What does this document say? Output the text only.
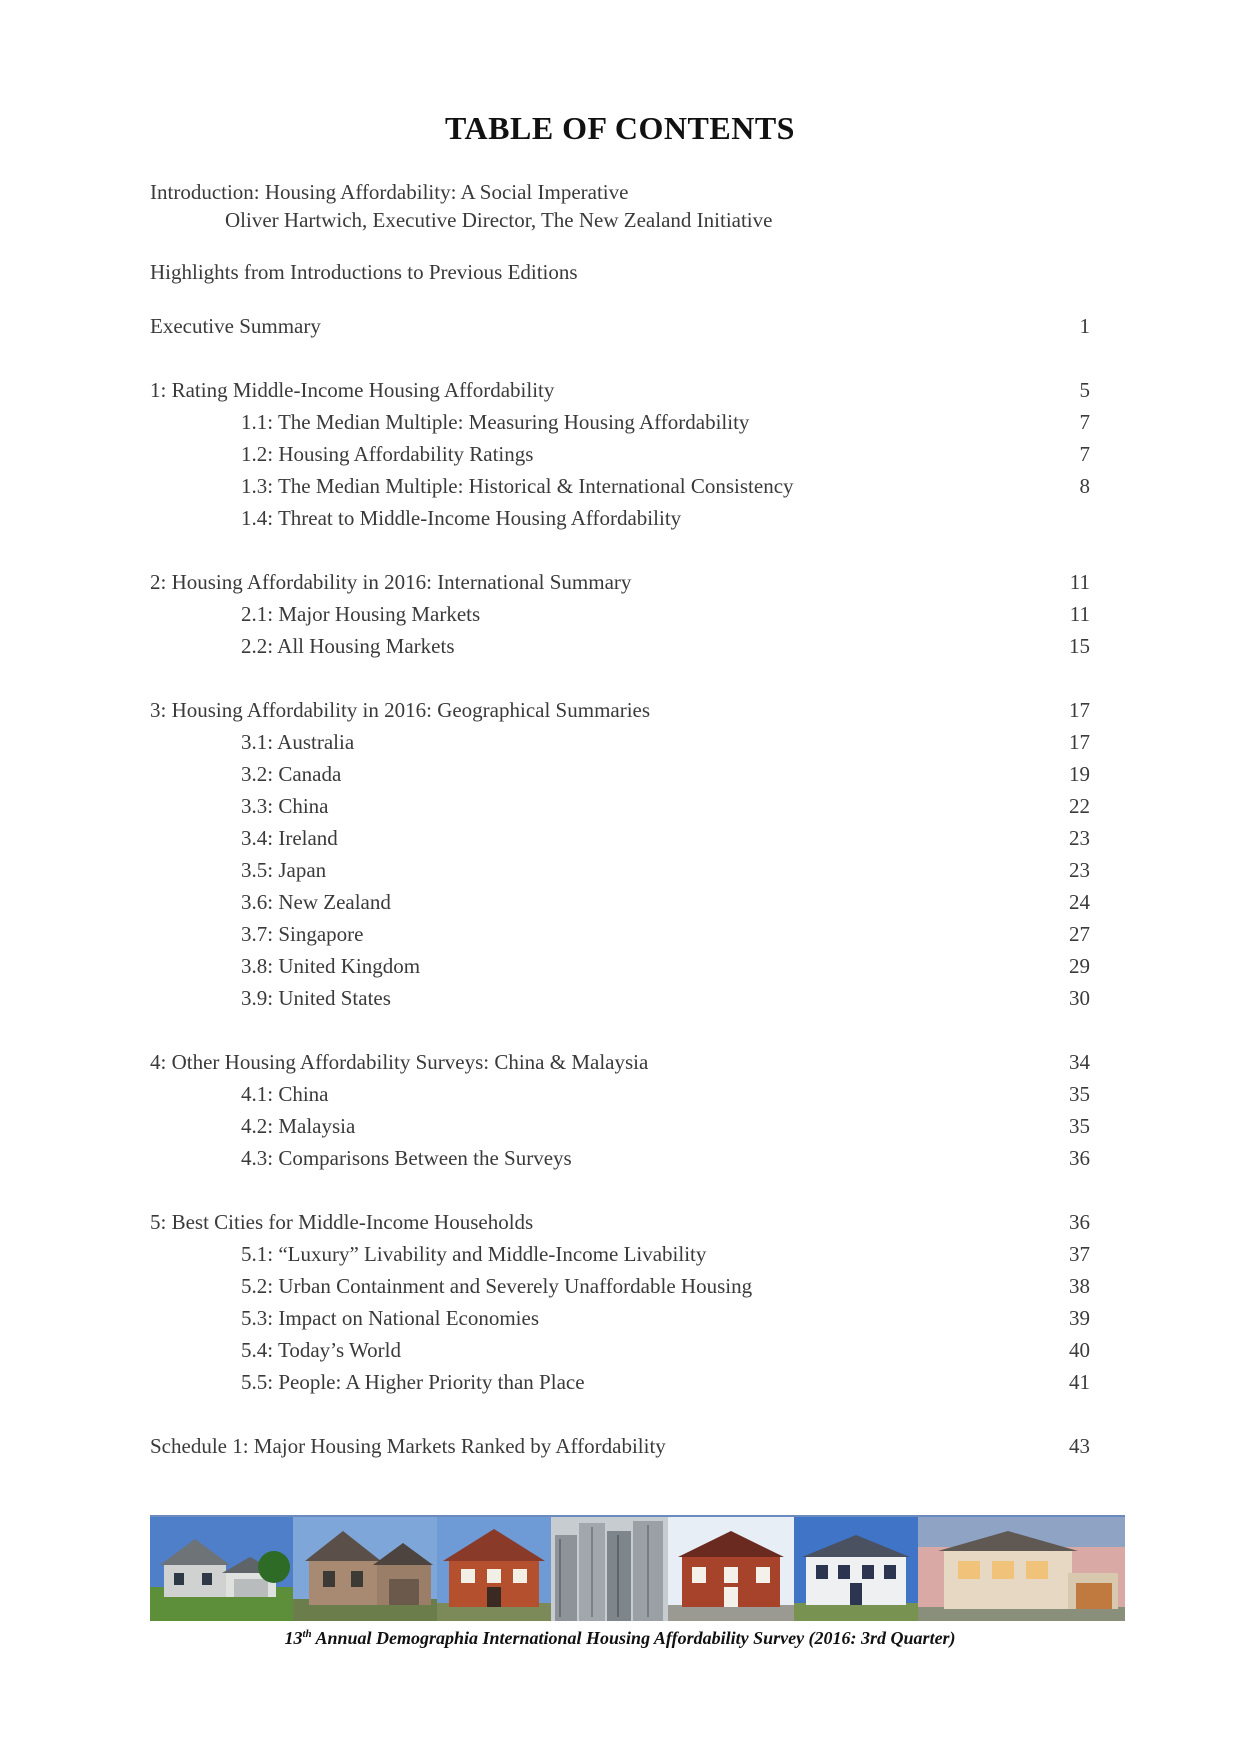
TABLE OF CONTENTS
Introduction: Housing Affordability: A Social Imperative
Oliver Hartwich, Executive Director, The New Zealand Initiative
Highlights from Introductions to Previous Editions
Executive Summary	1
1: Rating Middle-Income Housing Affordability	5
1.1: The Median Multiple: Measuring Housing Affordability	7
1.2: Housing Affordability Ratings	7
1.3: The Median Multiple: Historical & International Consistency	8
1.4: Threat to Middle-Income Housing Affordability
2: Housing Affordability in 2016: International Summary	11
2.1: Major Housing Markets	11
2.2: All Housing Markets	15
3: Housing Affordability in 2016: Geographical Summaries	17
3.1: Australia	17
3.2: Canada	19
3.3: China	22
3.4: Ireland	23
3.5: Japan	23
3.6: New Zealand	24
3.7: Singapore	27
3.8: United Kingdom	29
3.9: United States	30
4: Other Housing Affordability Surveys: China & Malaysia	34
4.1: China	35
4.2: Malaysia	35
4.3: Comparisons Between the Surveys	36
5: Best Cities for Middle-Income Households	36
5.1: “Luxury” Livability and Middle-Income Livability	37
5.2: Urban Containment and Severely Unaffordable Housing	38
5.3: Impact on National Economies	39
5.4: Today’s World	40
5.5: People: A Higher Priority than Place	41
Schedule 1: Major Housing Markets Ranked by Affordability	43
13th Annual Demographia International Housing Affordability Survey (2016: 3rd Quarter)
